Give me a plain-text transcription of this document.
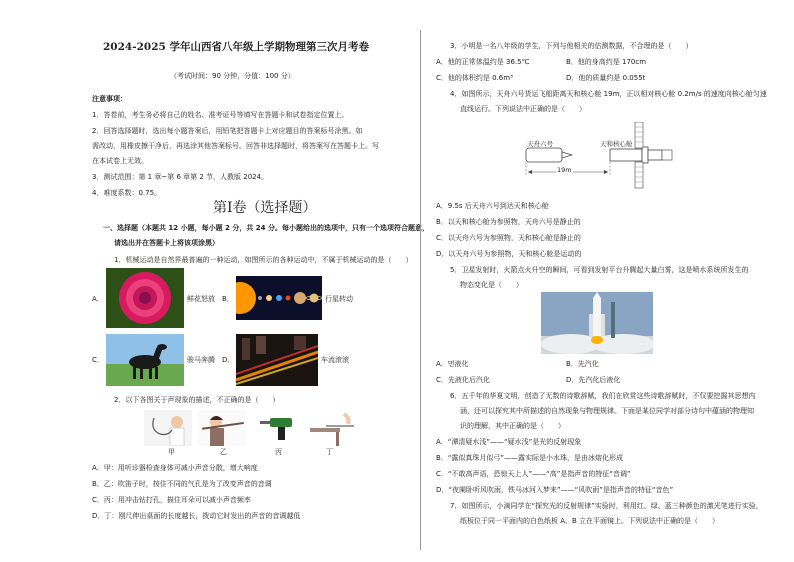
2024-2025 学年山西省八年级上学期物理第三次月考卷
（考试时间：90 分钟，分值：100 分）
注意事项：
1．答卷前，考生务必将自己的姓名、准考证号等填写在答题卡和试卷指定位置上。
2．回答选择题时，选出每小题答案后，用铅笔把答题卡上对应题目的答案标号涂黑。如
需改动，用橡皮擦干净后，再选涂其他答案标号。回答非选择题时，将答案写在答题卡上。写
在本试卷上无效。
3．测试范围：第 1 章~第 6 章第 2 节，人教版 2024。
4．难度系数：0.75。
第Ⅰ卷（选择题）
一、选择题（本题共 12 小题，每小题 2 分，共 24 分。每小题给出的选项中，只有一个选项符合题意，
请选出并在答题卡上将该项涂黑）
1．机械运动是自然界最普遍的一种运动，如图所示的各种运动中，不属于机械运动的是（　　）
A．	鲜花怒放 B．	行星转动
C．	骏马奔腾 D．	车流滚滚
2．以下各图关于声现象的描述，不正确的是（　　）
甲	乙	丙	丁
A．甲：用听诊器检查身体可减小声音分散，增大响度
B．乙：吹笛子时，按住不同的气孔是为了改变声音的音调
C．丙：用冲击钻打孔，描住耳朵可以减小声音频率
D．丁：刚尺伸出桌面的长度越长，拨动它时发出的声音的音调越低
3．小明是一名八年级的学生，下列与他相关的估测数据，不合理的是（　　）
A．他的正常体温约是 36.5℃	B．他的身高约是 170cm
C．他的体积约是 0.6m³	D．他的质量约是 0.055t
4．如图所示，天舟六号货运飞船距离天和核心舱 19m，正以相对核心舱 0.2m/s 的速度向核心舱匀速
直线运行。下列说法中正确的是（　　）
天舟六号	天和核心舱
19m
A．9.5s 后天舟六号到达天和核心舱
B．以天和核心舱为参照物，天舟六号是静止的
C．以天舟六号为参照物，天和核心舱是静止的
D．以天舟六号为参照物，天和核心舱是运动的
5．卫星发射时，火箭点火升空的瞬间，可看到发射平台升腾起大量白雾，这是喷水系统所发生的
物态变化是（　　）
A．먼液化	B．先汽化
C．先液化后汽化	D．先汽化后液化
6．五千年的华夏文明，创造了无数的诗歌辞赋，我们在欣赏这些诗歌辞赋时，不仅要挖掘其思想内
涵，还可以探究其中所描述的自然现象与物理规律。下面是某位同学对部分诗句中蕴涵的物理知
识的理解，其中正确的是（　　）
A．“潭清疑水浅”——“疑水浅”是光的反射现象
B．“露似真珠月似弓”——露实际是小水珠，是由冰熔化形成
C．“不敢高声语，恐惊天上人”——“高”是指声音的特征“音调”
D．“夜阑卧听风吹雨，铁马冰河入梦来”——“风吹雨”是指声音的特征“音色”
7．如图所示，小滴同学在“探究光的反射规律”实验时，利用红、绿、蓝三种颜色的激光笔进行实验，
纸板位于同一平面内的白色纸板 A、B 立在平面镜上。下列说法中正确的是（　　）
